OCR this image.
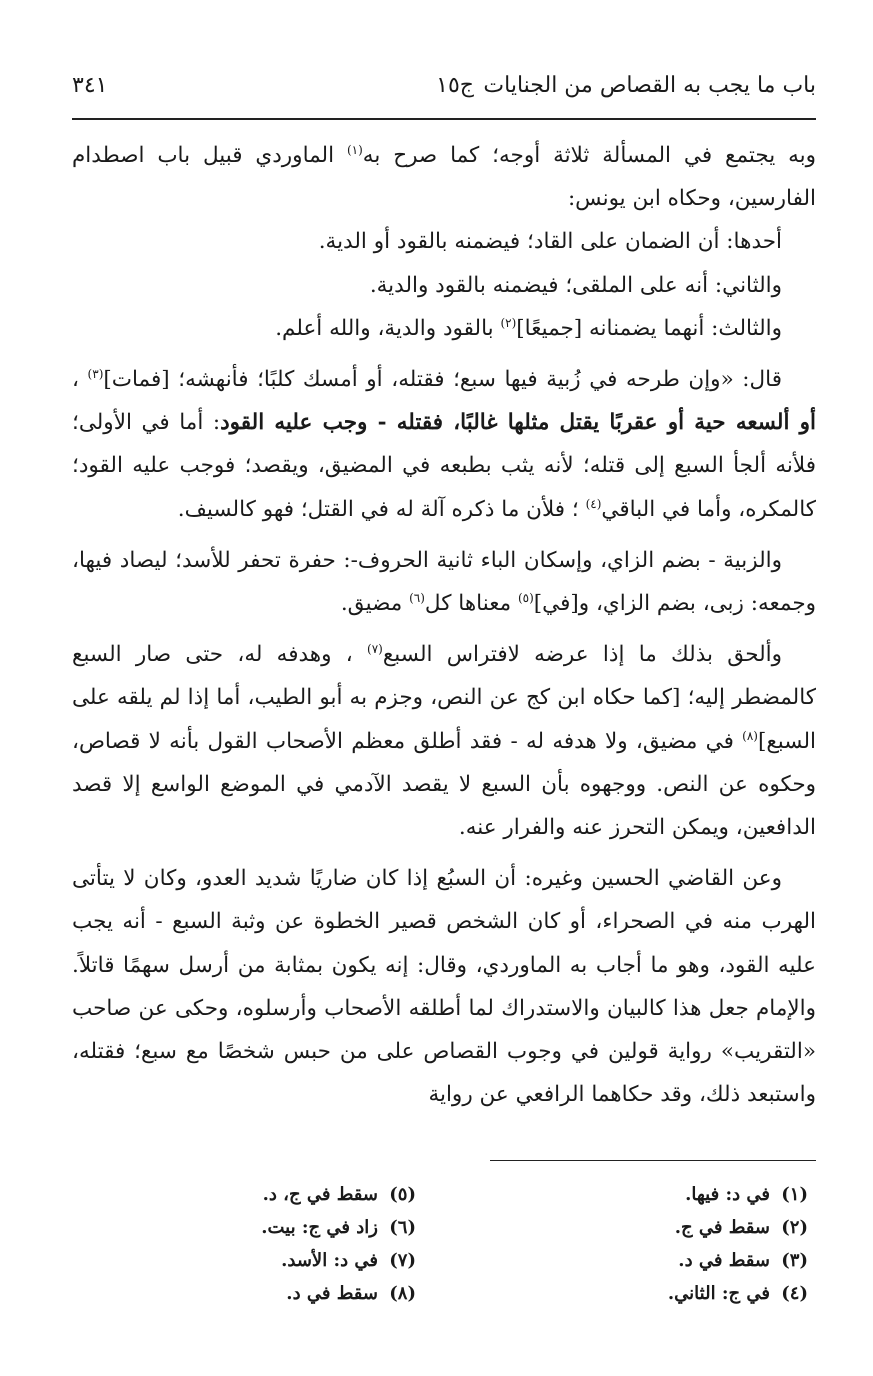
باب ما يجب به القصاص من الجنايات
ج١٥
٣٤١

وبه يجتمع في المسألة ثلاثة أوجه؛ كما صرح به$^{(١)}$ الماوردي قبيل باب اصطدام الفارسين، وحكاه ابن يونس:

أحدها: أن الضمان على القاد؛ فيضمنه بالقود أو الدية.

والثاني: أنه على الملقى؛ فيضمنه بالقود والدية.

والثالث: أنهما يضمنانه [جميعًا]$^{(٢)}$ بالقود والدية، والله أعلم.

قال: «وإن طرحه في زُبية فيها سبع؛ فقتله، أو أمسك كلبًا؛ فأنهشه؛ [فمات]$^{(٣)}$ ، أو ألسعه حية أو عقربًا يقتل مثلها غالبًا، فقتله - وجب عليه القود: أما في الأولى؛ فلأنه ألجأ السبع إلى قتله؛ لأنه يثب بطبعه في المضيق، ويقصد؛ فوجب عليه القود؛ كالمكره، وأما في الباقي$^{(٤)}$ ؛ فلأن ما ذكره آلة له في القتل؛ فهو كالسيف.

والزبية - بضم الزاي، وإسكان الباء ثانية الحروف-: حفرة تحفر للأسد؛ ليصاد فيها، وجمعه: زبى، بضم الزاي، و[في]$^{(٥)}$ معناها كل$^{(٦)}$ مضيق.

وألحق بذلك ما إذا عرضه لافتراس السبع$^{(٧)}$ ، وهدفه له، حتى صار السبع كالمضطر إليه؛ [كما حكاه ابن كج عن النص، وجزم به أبو الطيب، أما إذا لم يلقه على السبع]$^{(٨)}$ في مضيق، ولا هدفه له - فقد أطلق معظم الأصحاب القول بأنه لا قصاص، وحكوه عن النص. ووجهوه بأن السبع لا يقصد الآدمي في الموضع الواسع إلا قصد الدافعين، ويمكن التحرز عنه والفرار عنه.

وعن القاضي الحسين وغيره: أن السبُع إذا كان ضاريًا شديد العدو، وكان لا يتأتى الهرب منه في الصحراء، أو كان الشخص قصير الخطوة عن وثبة السبع - أنه يجب عليه القود، وهو ما أجاب به الماوردي، وقال: إنه يكون بمثابة من أرسل سهمًا قاتلاً. والإمام جعل هذا كالبيان والاستدراك لما أطلقه الأصحاب وأرسلوه، وحكى عن صاحب «التقريب» رواية قولين في وجوب القصاص على من حبس شخصًا مع سبع؛ فقتله، واستبعد ذلك، وقد حكاهما الرافعي عن رواية

(١)في د: فيها.
(٢)سقط في ج.
(٣)سقط في د.
(٤)في ج: الثاني.
(٥)سقط في ج، د.
(٦)زاد في ج: بيت.
(٧)في د: الأسد.
(٨)سقط في د.
